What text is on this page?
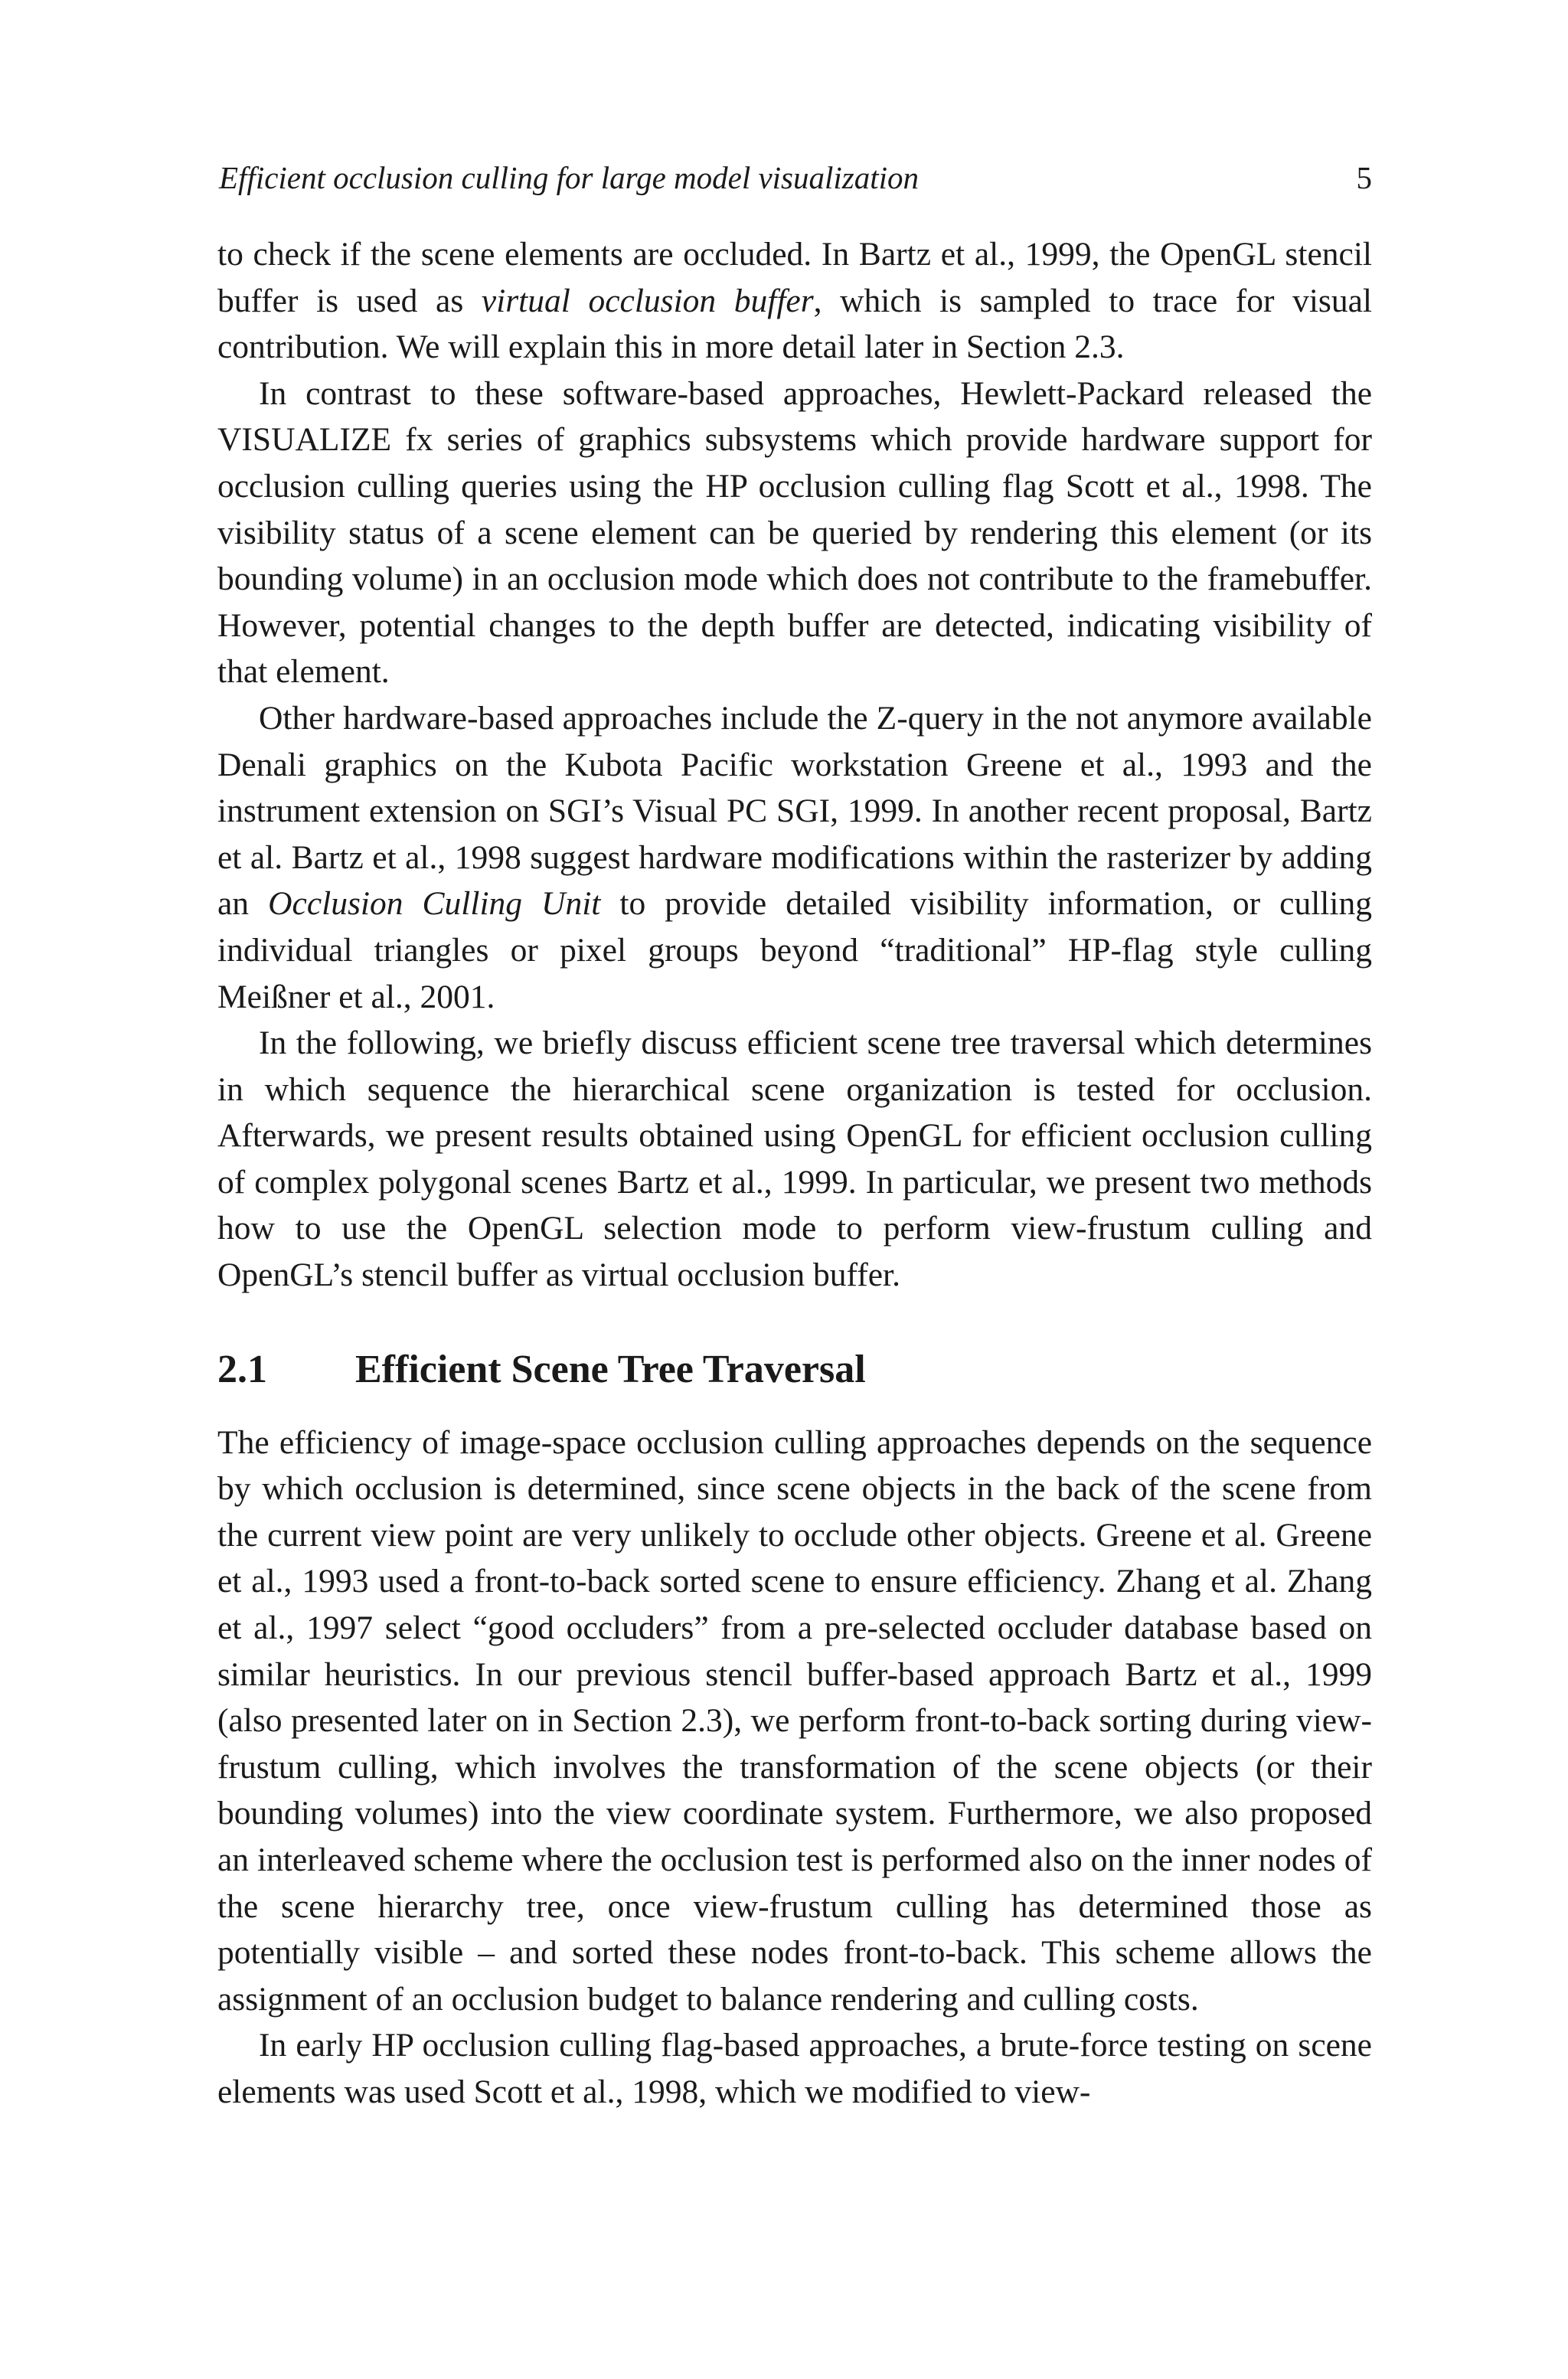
Efficient occlusion culling for large model visualization	5

to check if the scene elements are occluded. In Bartz et al., 1999, the OpenGL stencil buffer is used as virtual occlusion buffer, which is sampled to trace for visual contribution. We will explain this in more detail later in Section 2.3.

In contrast to these software-based approaches, Hewlett-Packard released the VISUALIZE fx series of graphics subsystems which provide hardware support for occlusion culling queries using the HP occlusion culling flag Scott et al., 1998. The visibility status of a scene element can be queried by rendering this element (or its bounding volume) in an occlusion mode which does not contribute to the framebuffer. However, potential changes to the depth buffer are detected, indicating visibility of that element.

Other hardware-based approaches include the Z-query in the not anymore available Denali graphics on the Kubota Pacific workstation Greene et al., 1993 and the instrument extension on SGI’s Visual PC SGI, 1999. In another recent proposal, Bartz et al. Bartz et al., 1998 suggest hardware modifications within the rasterizer by adding an Occlusion Culling Unit to provide detailed visibility information, or culling individual triangles or pixel groups beyond “traditional” HP-flag style culling Meißner et al., 2001.

In the following, we briefly discuss efficient scene tree traversal which determines in which sequence the hierarchical scene organization is tested for occlusion. Afterwards, we present results obtained using OpenGL for efficient occlusion culling of complex polygonal scenes Bartz et al., 1999. In particular, we present two methods how to use the OpenGL selection mode to perform view-frustum culling and OpenGL’s stencil buffer as virtual occlusion buffer.

2.1	Efficient Scene Tree Traversal

The efficiency of image-space occlusion culling approaches depends on the sequence by which occlusion is determined, since scene objects in the back of the scene from the current view point are very unlikely to occlude other objects. Greene et al. Greene et al., 1993 used a front-to-back sorted scene to ensure efficiency. Zhang et al. Zhang et al., 1997 select “good occluders” from a pre-selected occluder database based on similar heuristics. In our previous stencil buffer-based approach Bartz et al., 1999 (also presented later on in Section 2.3), we perform front-to-back sorting during view-frustum culling, which involves the transformation of the scene objects (or their bounding volumes) into the view coordinate system. Furthermore, we also proposed an interleaved scheme where the occlusion test is performed also on the inner nodes of the scene hierarchy tree, once view-frustum culling has determined those as potentially visible – and sorted these nodes front-to-back. This scheme allows the assignment of an occlusion budget to balance rendering and culling costs.

In early HP occlusion culling flag-based approaches, a brute-force testing on scene elements was used Scott et al., 1998, which we modified to view-
